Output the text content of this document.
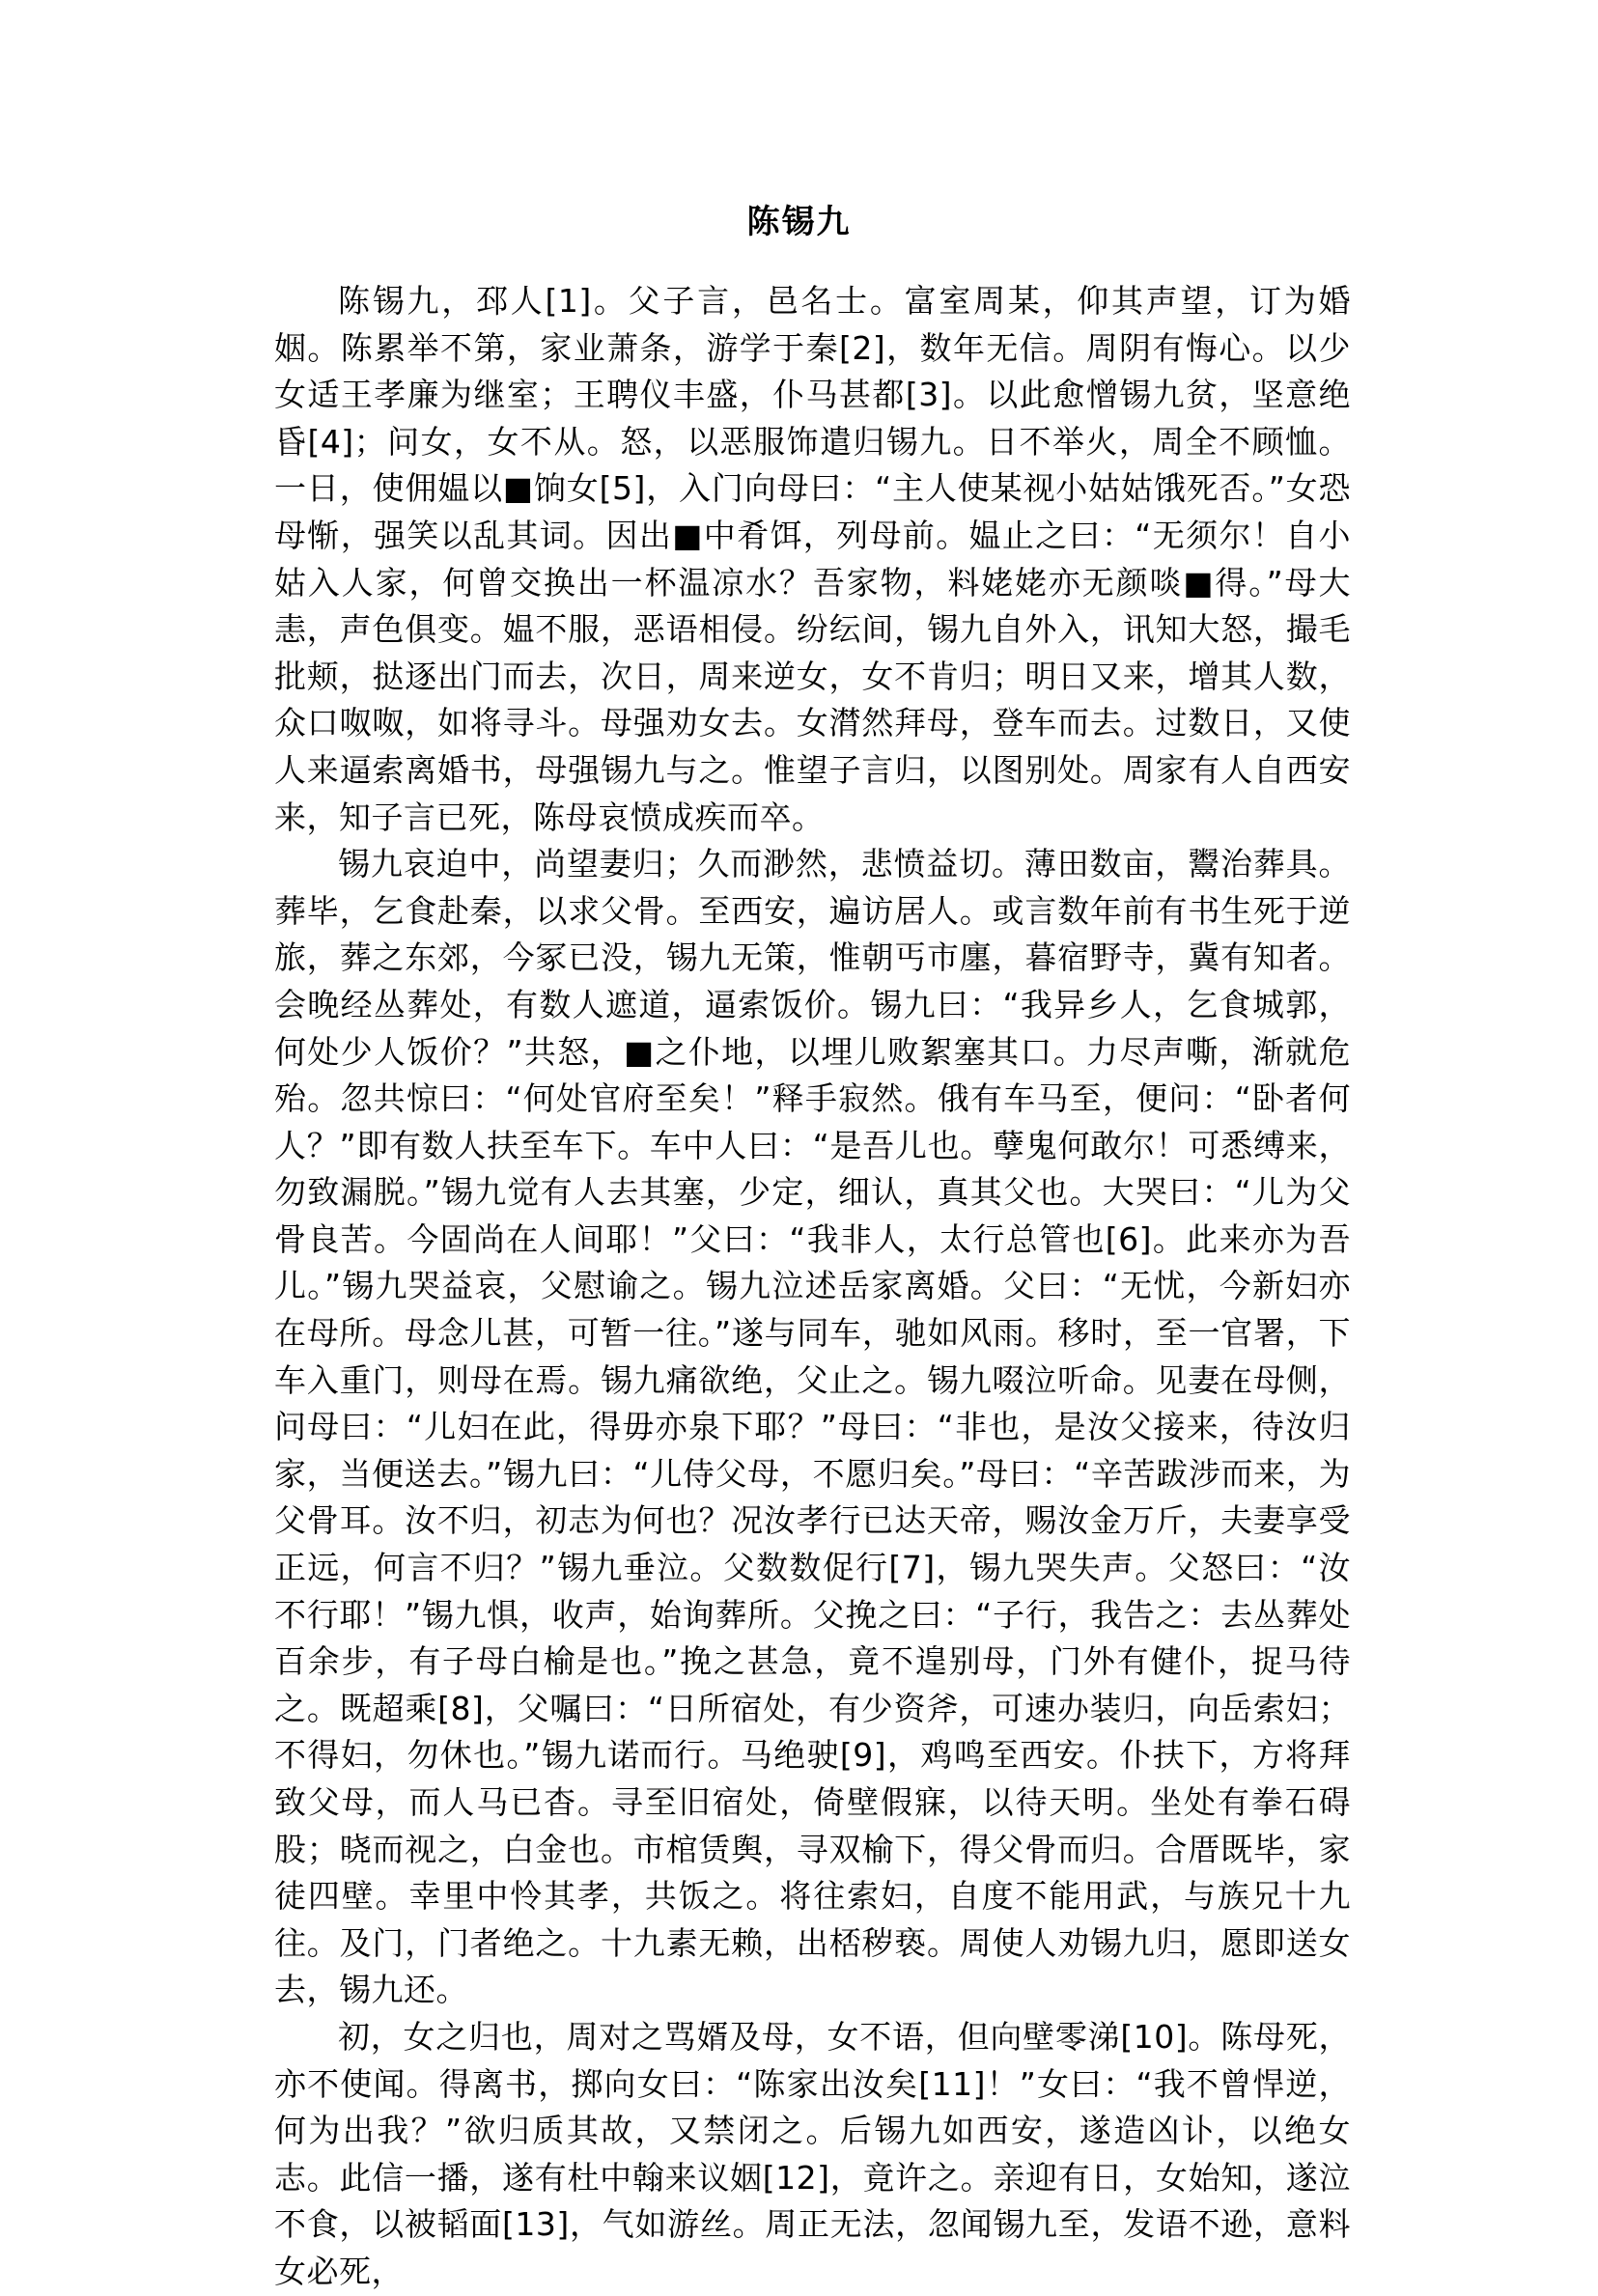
陈锡九

陈锡九，邳人[1]。父子言，邑名士。富室周某，仰其声望，订为婚姻。陈累举不第，家业萧条，游学于秦[2]，数年无信。周阴有悔心。以少女适王孝廉为继室；王聘仪丰盛，仆马甚都[3]。以此愈憎锡九贫，坚意绝昏[4]；问女，女不从。怒，以恶服饰遣归锡九。日不举火，周全不顾恤。一日，使佣媪以■饷女[5]，入门向母曰：“主人使某视小姑姑饿死否。”女恐母惭，强笑以乱其词。因出■中肴饵，列母前。媪止之曰：“无须尔！自小姑入人家，何曾交换出一杯温凉水？吾家物，料姥姥亦无颜啖■得。”母大恚，声色俱变。媪不服，恶语相侵。纷纭间，锡九自外入，讯知大怒，撮毛批颊，挞逐出门而去，次日，周来逆女，女不肯归；明日又来，增其人数，众口呶呶，如将寻斗。母强劝女去。女潸然拜母，登车而去。过数日，又使人来逼索离婚书，母强锡九与之。惟望子言归，以图别处。周家有人自西安来，知子言已死，陈母哀愤成疾而卒。

锡九哀迫中，尚望妻归；久而渺然，悲愤益切。薄田数亩，鬻治葬具。葬毕，乞食赴秦，以求父骨。至西安，遍访居人。或言数年前有书生死于逆旅，葬之东郊，今冢已没，锡九无策，惟朝丐市廛，暮宿野寺，冀有知者。会晚经丛葬处，有数人遮道，逼索饭价。锡九曰：“我异乡人，乞食城郭，何处少人饭价？”共怒，■之仆地，以埋儿败絮塞其口。力尽声嘶，渐就危殆。忽共惊曰：“何处官府至矣！”释手寂然。俄有车马至，便问：“卧者何人？”即有数人扶至车下。车中人曰：“是吾儿也。孽鬼何敢尔！可悉缚来，勿致漏脱。”锡九觉有人去其塞，少定，细认，真其父也。大哭曰：“儿为父骨良苦。今固尚在人间耶！”父曰：“我非人，太行总管也[6]。此来亦为吾儿。”锡九哭益哀，父慰谕之。锡九泣述岳家离婚。父曰：“无忧，今新妇亦在母所。母念儿甚，可暂一往。”遂与同车，驰如风雨。移时，至一官署，下车入重门，则母在焉。锡九痛欲绝，父止之。锡九啜泣听命。见妻在母侧，问母曰：“儿妇在此，得毋亦泉下耶？”母曰：“非也，是汝父接来，待汝归家，当便送去。”锡九曰：“儿侍父母，不愿归矣。”母曰：“辛苦跋涉而来，为父骨耳。汝不归，初志为何也？况汝孝行已达天帝，赐汝金万斤，夫妻享受正远，何言不归？”锡九垂泣。父数数促行[7]，锡九哭失声。父怒曰：“汝不行耶！”锡九惧，收声，始询葬所。父挽之曰：“子行，我告之：去丛葬处百余步，有子母白榆是也。”挽之甚急，竟不遑别母，门外有健仆，捉马待之。既超乘[8]，父嘱曰：“日所宿处，有少资斧，可速办装归，向岳索妇；不得妇，勿休也。”锡九诺而行。马绝驶[9]，鸡鸣至西安。仆扶下，方将拜致父母，而人马已杳。寻至旧宿处，倚壁假寐，以待天明。坐处有拳石碍股；晓而视之，白金也。市棺赁舆，寻双榆下，得父骨而归。合厝既毕，家徒四壁。幸里中怜其孝，共饭之。将往索妇，自度不能用武，与族兄十九往。及门，门者绝之。十九素无赖，出桮秽亵。周使人劝锡九归，愿即送女去，锡九还。

初，女之归也，周对之骂婿及母，女不语，但向壁零涕[10]。陈母死，亦不使闻。得离书，掷向女曰：“陈家出汝矣[11]！”女曰：“我不曾悍逆，何为出我？”欲归质其故，又禁闭之。后锡九如西安，遂造凶讣，以绝女志。此信一播，遂有杜中翰来议姻[12]，竟许之。亲迎有日，女始知，遂泣不食，以被韬面[13]，气如游丝。周正无法，忽闻锡九至，发语不逊，意料女必死，
